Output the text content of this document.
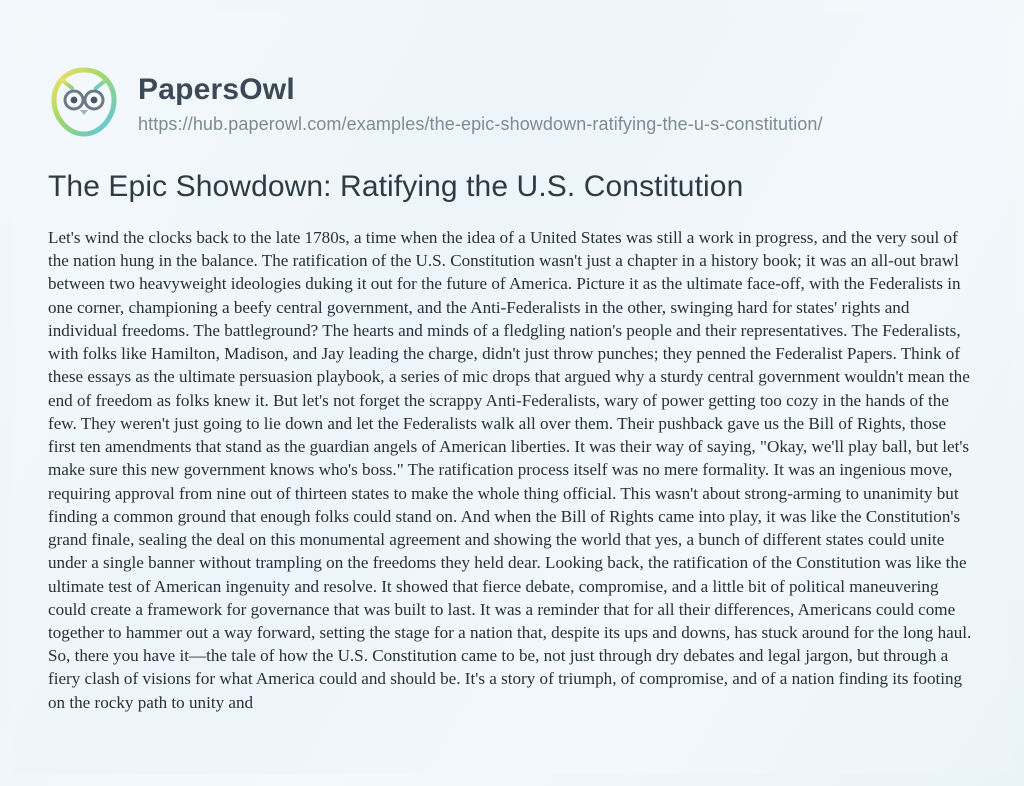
PapersOwl
https://hub.paperowl.com/examples/the-epic-showdown-ratifying-the-u-s-constitution/
The Epic Showdown: Ratifying the U.S. Constitution

Let's wind the clocks back to the late 1780s, a time when the idea of a United States was still a work in progress, and the very soul of the nation hung in the balance. The ratification of the U.S. Constitution wasn't just a chapter in a history book; it was an all-out brawl between two heavyweight ideologies duking it out for the future of America. Picture it as the ultimate face-off, with the Federalists in one corner, championing a beefy central government, and the Anti-Federalists in the other, swinging hard for states' rights and individual freedoms. The battleground? The hearts and minds of a fledgling nation's people and their representatives. The Federalists, with folks like Hamilton, Madison, and Jay leading the charge, didn't just throw punches; they penned the Federalist Papers. Think of these essays as the ultimate persuasion playbook, a series of mic drops that argued why a sturdy central government wouldn't mean the end of freedom as folks knew it. But let's not forget the scrappy Anti-Federalists, wary of power getting too cozy in the hands of the few. They weren't just going to lie down and let the Federalists walk all over them. Their pushback gave us the Bill of Rights, those first ten amendments that stand as the guardian angels of American liberties. It was their way of saying, "Okay, we'll play ball, but let's make sure this new government knows who's boss." The ratification process itself was no mere formality. It was an ingenious move, requiring approval from nine out of thirteen states to make the whole thing official. This wasn't about strong-arming to unanimity but finding a common ground that enough folks could stand on. And when the Bill of Rights came into play, it was like the Constitution's grand finale, sealing the deal on this monumental agreement and showing the world that yes, a bunch of different states could unite under a single banner without trampling on the freedoms they held dear. Looking back, the ratification of the Constitution was like the ultimate test of American ingenuity and resolve. It showed that fierce debate, compromise, and a little bit of political maneuvering could create a framework for governance that was built to last. It was a reminder that for all their differences, Americans could come together to hammer out a way forward, setting the stage for a nation that, despite its ups and downs, has stuck around for the long haul. So, there you have it—the tale of how the U.S. Constitution came to be, not just through dry debates and legal jargon, but through a fiery clash of visions for what America could and should be. It's a story of triumph, of compromise, and of a nation finding its footing on the rocky path to unity and
